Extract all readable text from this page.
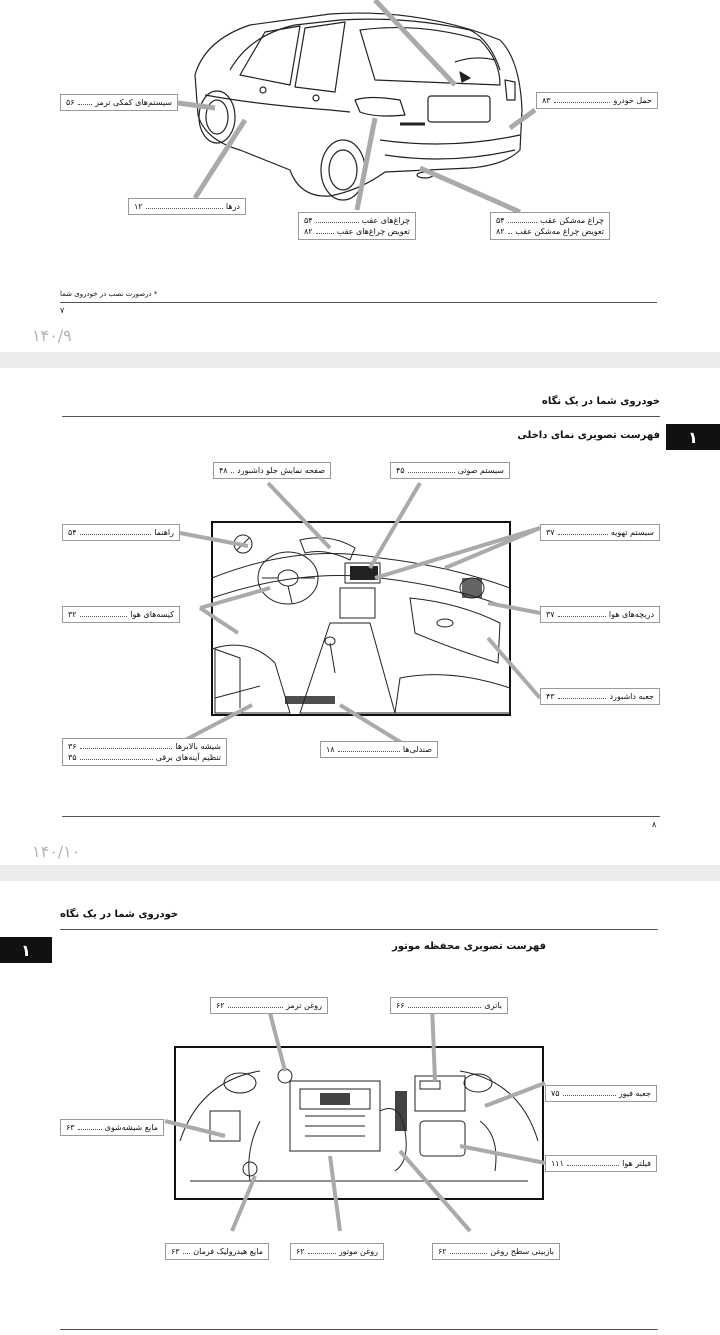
سیستم‌های کمکی ترمز
۵۶
درها
۱۲
چراغ‌های عقب
۵۴
تعویض چراغ‌های عقب
۸۲
چراغ مه‌شکن عقب
۵۴
تعویض چراغ مه‌شکن عقب
۸۲
حمل خودرو
۸۳
* درصورت نصب در خودروی شما
۷
۱۴۰/۹
خودروی شما در یک نگاه
فهرست تصویری نمای داخلی	۱
صفحه نمایش جلو داشبورد
۴۸	سیستم صوتی
۴۵
راهنما
۵۴	سیستم تهویه
۳۷
کیسه‌های هوا
۳۲	دریچه‌های هوا
۳۷
جعبه داشبورد
۴۳
شیشه بالابرها
۳۶
تنظیم آینه‌های برقی
۳۵
صندلی‌ها
۱۸
۸
۱۴۰/۱۰
خودروی شما در یک نگاه
۱	فهرست تصویری محفظه موتور
روغن ترمز
۶۲	باتری
۶۶
جعبه فیوز
۷۵
مایع شیشه‌شوی
۶۳
فیلتر هوا
۱۱۱
مایع هیدرولیک فرمان
۶۳	روغن موتور
۶۲	بازبینی سطح روغن
۶۲
